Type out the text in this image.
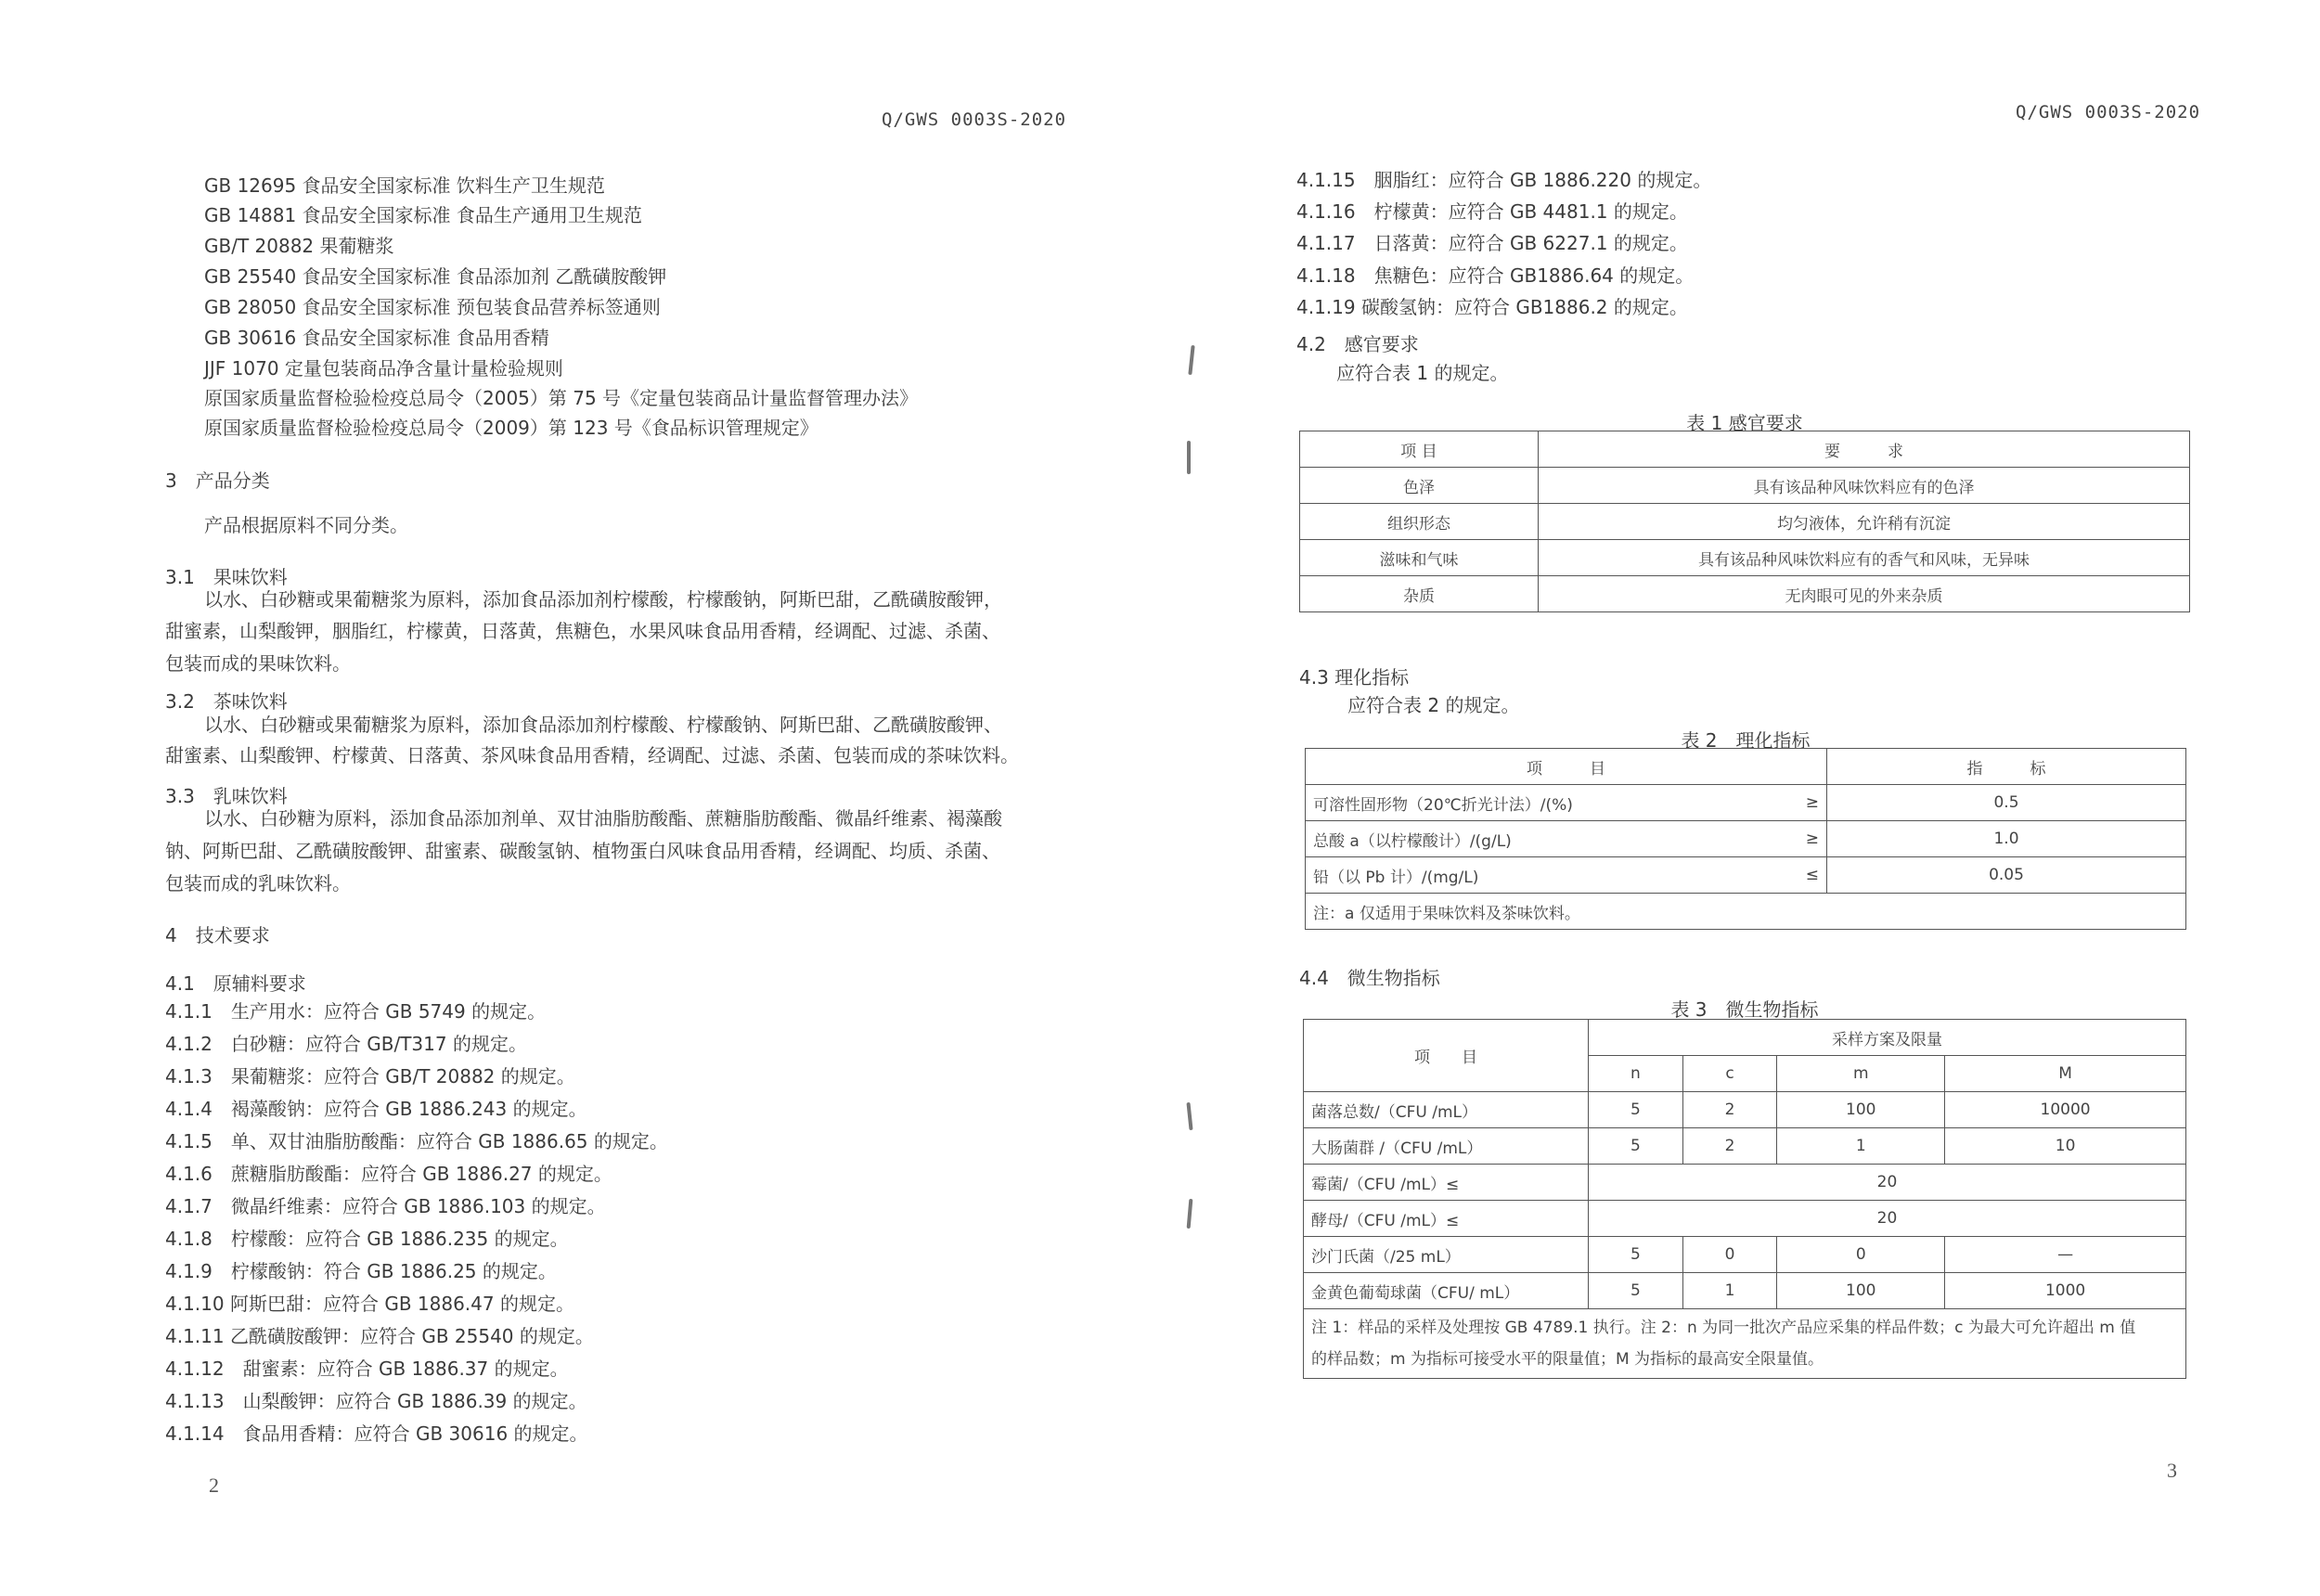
Q/GWS 0003S-2020	Q/GWS 0003S-2020
GB 12695 食品安全国家标准 饮料生产卫生规范
GB 14881 食品安全国家标准 食品生产通用卫生规范
GB/T 20882 果葡糖浆
GB 25540 食品安全国家标准 食品添加剂 乙酰磺胺酸钾
GB 28050 食品安全国家标准 预包装食品营养标签通则
GB 30616 食品安全国家标准 食品用香精
JJF 1070 定量包装商品净含量计量检验规则
原国家质量监督检验检疫总局令（2005）第 75 号《定量包装商品计量监督管理办法》
原国家质量监督检验检疫总局令（2009）第 123 号《食品标识管理规定》
3　产品分类
产品根据原料不同分类。
3.1　果味饮料
以水、白砂糖或果葡糖浆为原料，添加食品添加剂柠檬酸，柠檬酸钠，阿斯巴甜，乙酰磺胺酸钾，
甜蜜素，山梨酸钾，胭脂红，柠檬黄，日落黄，焦糖色，水果风味食品用香精，经调配、过滤、杀菌、
包装而成的果味饮料。
3.2　茶味饮料
以水、白砂糖或果葡糖浆为原料，添加食品添加剂柠檬酸、柠檬酸钠、阿斯巴甜、乙酰磺胺酸钾、
甜蜜素、山梨酸钾、柠檬黄、日落黄、茶风味食品用香精，经调配、过滤、杀菌、包装而成的茶味饮料。
3.3　乳味饮料
以水、白砂糖为原料，添加食品添加剂单、双甘油脂肪酸酯、蔗糖脂肪酸酯、微晶纤维素、褐藻酸
钠、阿斯巴甜、乙酰磺胺酸钾、甜蜜素、碳酸氢钠、植物蛋白风味食品用香精，经调配、均质、杀菌、
包装而成的乳味饮料。
4　技术要求
4.1　原辅料要求
4.1.1　生产用水：应符合 GB 5749 的规定。
4.1.2　白砂糖：应符合 GB/T317 的规定。
4.1.3　果葡糖浆：应符合 GB/T 20882 的规定。
4.1.4　褐藻酸钠：应符合 GB 1886.243 的规定。
4.1.5　单、双甘油脂肪酸酯：应符合 GB 1886.65 的规定。
4.1.6　蔗糖脂肪酸酯：应符合 GB 1886.27 的规定。
4.1.7　微晶纤维素：应符合 GB 1886.103 的规定。
4.1.8　柠檬酸：应符合 GB 1886.235 的规定。
4.1.9　柠檬酸钠：符合 GB 1886.25 的规定。
4.1.10 阿斯巴甜：应符合 GB 1886.47 的规定。
4.1.11 乙酰磺胺酸钾：应符合 GB 25540 的规定。
4.1.12　甜蜜素：应符合 GB 1886.37 的规定。
4.1.13　山梨酸钾：应符合 GB 1886.39 的规定。
4.1.14　食品用香精：应符合 GB 30616 的规定。
2
4.1.15　胭脂红：应符合 GB 1886.220 的规定。
4.1.16　柠檬黄：应符合 GB 4481.1 的规定。
4.1.17　日落黄：应符合 GB 6227.1 的规定。
4.1.18　焦糖色：应符合 GB1886.64 的规定。
4.1.19 碳酸氢钠：应符合 GB1886.2 的规定。
4.2　感官要求
应符合表 1 的规定。
表 1 感官要求
项 目	要　　　求
色泽	具有该品种风味饮料应有的色泽
组织形态	均匀液体，允许稍有沉淀
滋味和气味	具有该品种风味饮料应有的香气和风味，无异味
杂质	无肉眼可见的外来杂质
4.3 理化指标
应符合表 2 的规定。
表 2　理化指标
项　　　目		指　　　标
可溶性固形物（20℃折光计法）/(%)	≥	0.5
总酸 a（以柠檬酸计）/(g/L)	≥	1.0
铅（以 Pb 计）/(mg/L)	≤	0.05
注：a 仅适用于果味饮料及茶味饮料。		
4.4　微生物指标
表 3　微生物指标
项　　目	采样方案及限量			
	n	c	m	M
菌落总数/（CFU /mL）	5	2	100	10000
大肠菌群 /（CFU /mL）	5	2	1	10
霉菌/（CFU /mL）≤	20			
酵母/（CFU /mL）≤	20			
沙门氏菌（/25 mL）	5	0	0	—
金黄色葡萄球菌（CFU/ mL）	5	1	100	1000

注 1：样品的采样及处理按 GB 4789.1 执行。注 2：n 为同一批次产品应采集的样品件数；c 为最大可允许超出 m 值
的样品数；m 为指标可接受水平的限量值；M 为指标的最高安全限量值。				
3
